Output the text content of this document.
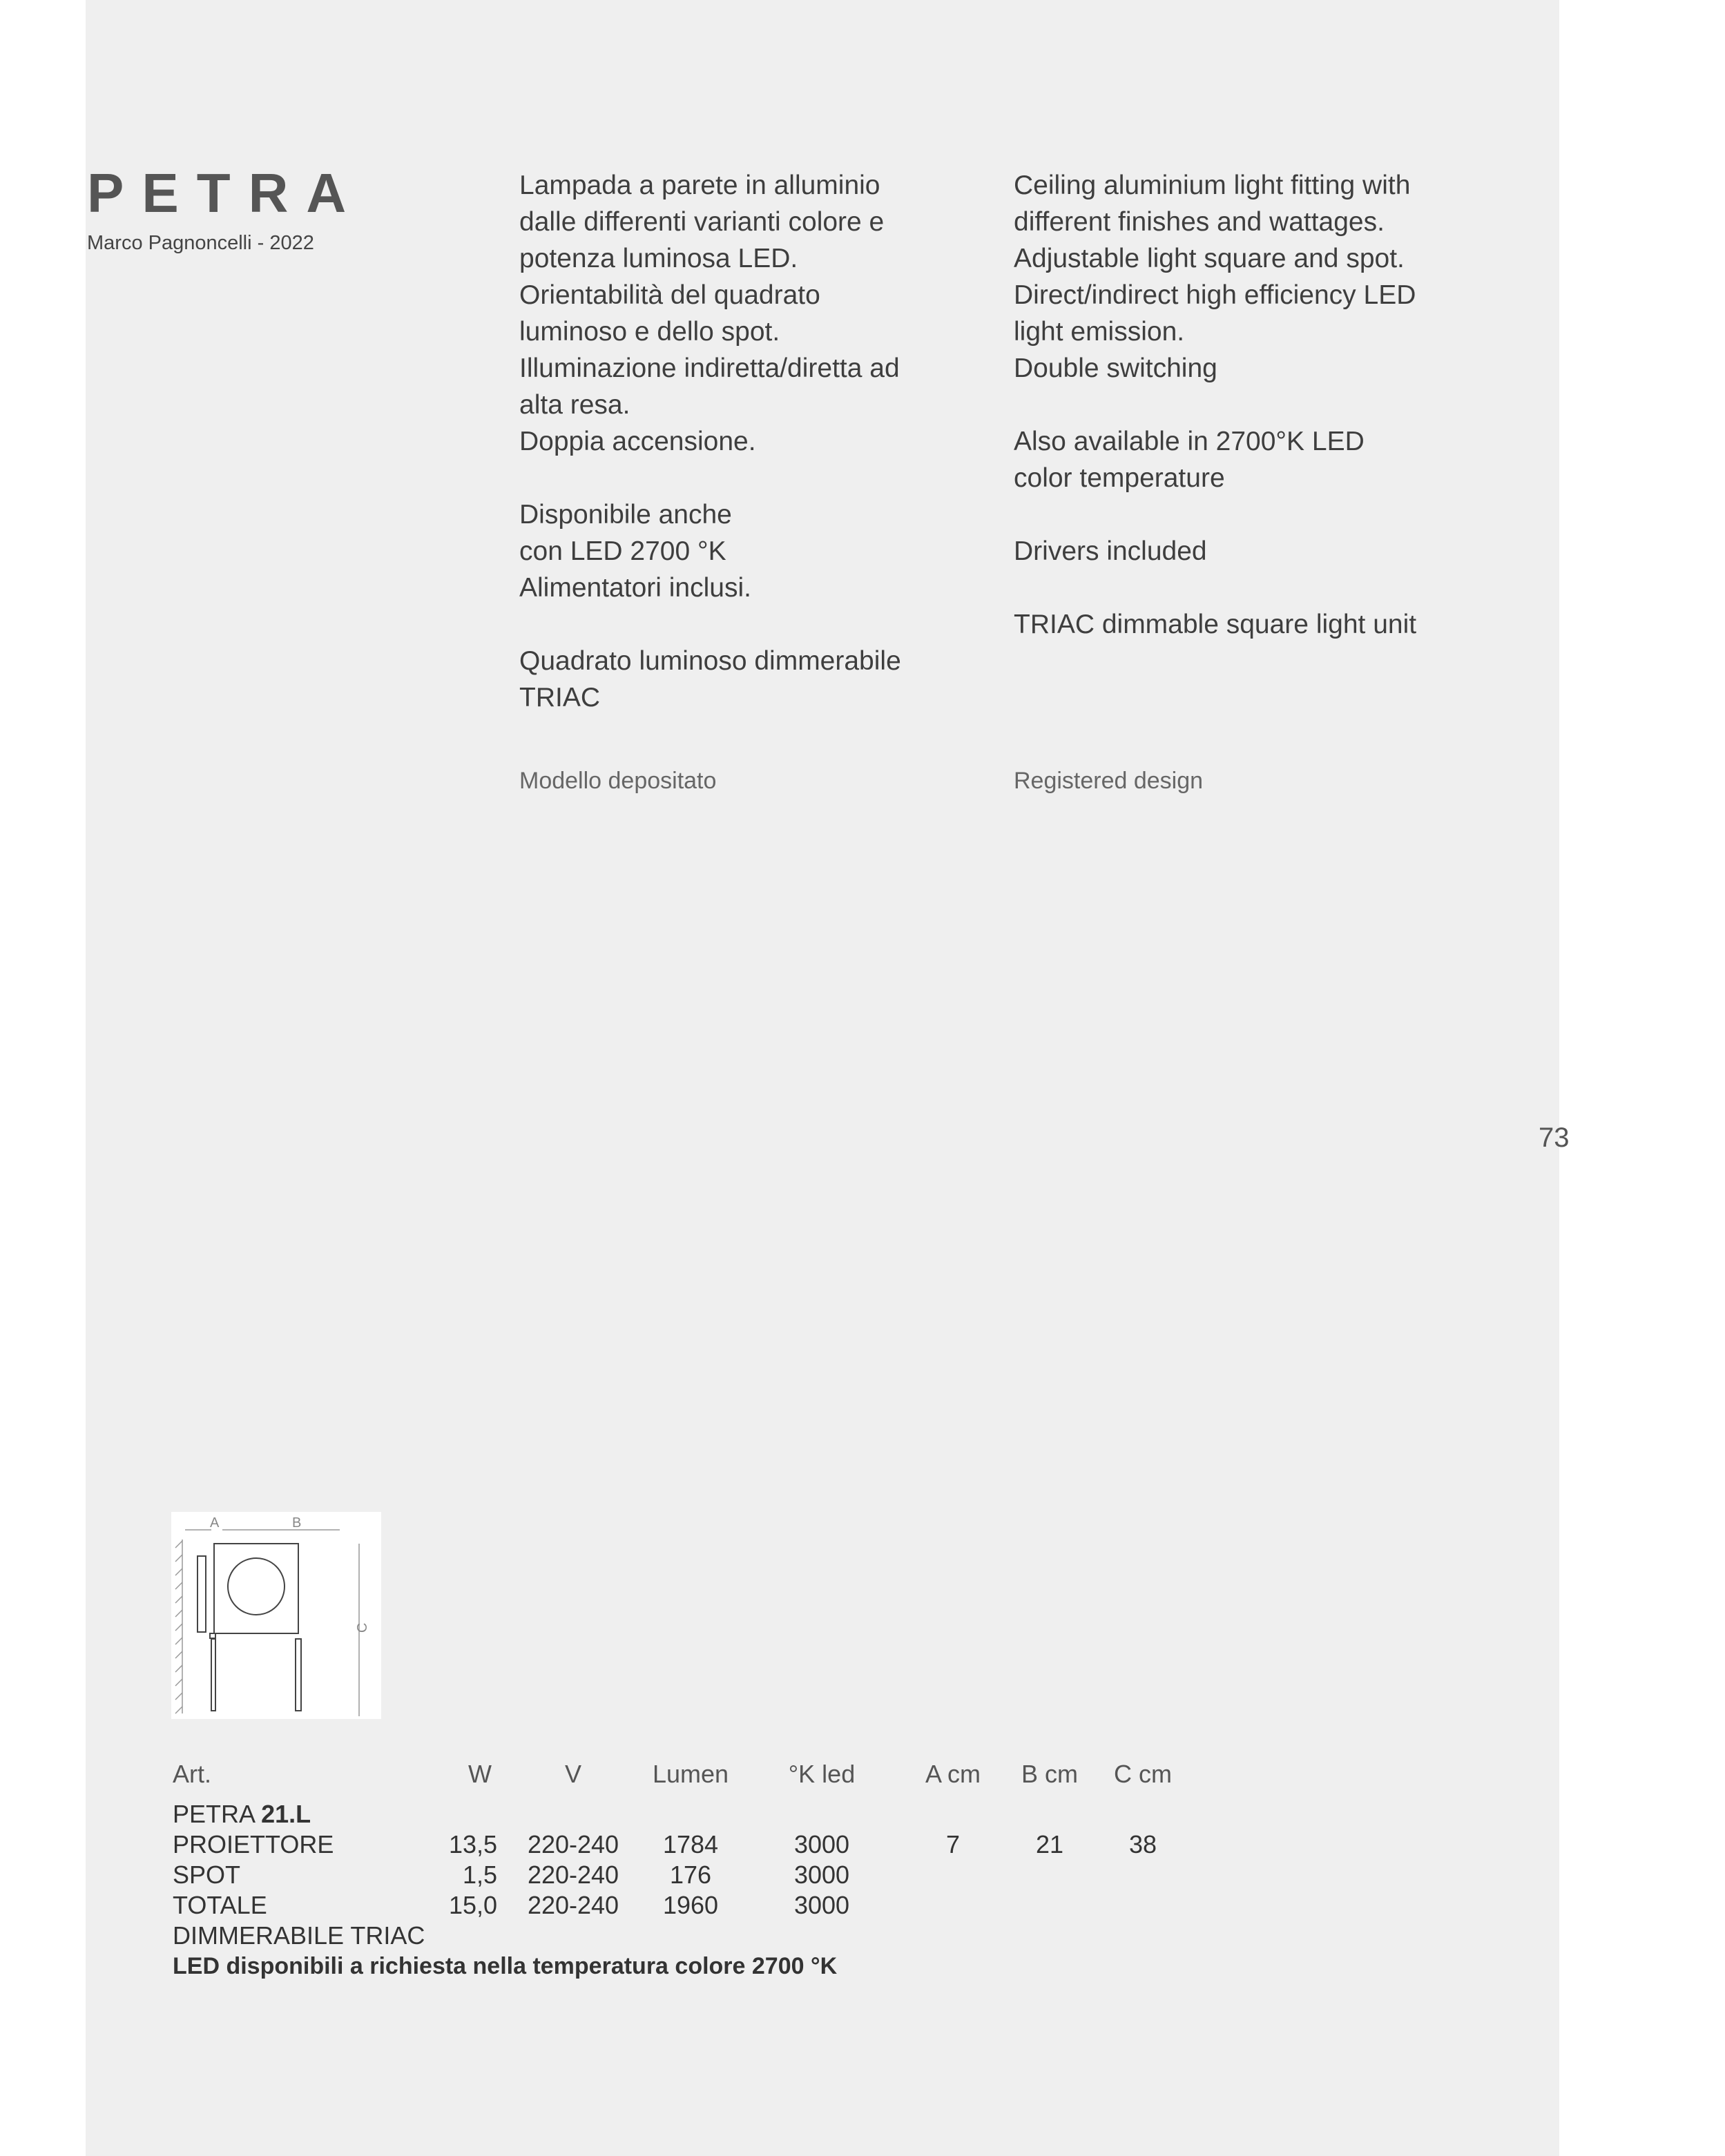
PETRA
Marco Pagnoncelli - 2022

Lampada a parete in alluminio

dalle differenti varianti colore e

potenza luminosa LED.

Orientabilità del quadrato

luminoso e dello spot.

Illuminazione indiretta/diretta ad

alta resa.

Doppia accensione.

Disponibile anche

con LED 2700 °K

Alimentatori inclusi.

Quadrato luminoso dimmerabile

TRIAC

Ceiling aluminium light fitting with

different finishes and wattages.

Adjustable light square and spot.

Direct/indirect high efficiency LED

light emission.

Double switching

Also available in 2700°K LED

color temperature

Drivers included

TRIAC dimmable square light unit

Modello depositato	Registered design
73
A	B
C
Art.	W	V	Lumen	°K led	A cm	B cm	C cm
PETRA 21.L
PROIETTORE	13,5 220-240	1784	3000	7	21	38
SPOT	1,5 220-240	176	3000
TOTALE	15,0 220-240	1960	3000
DIMMERABILE TRIAC
LED disponibili a richiesta nella temperatura colore 2700 °K
